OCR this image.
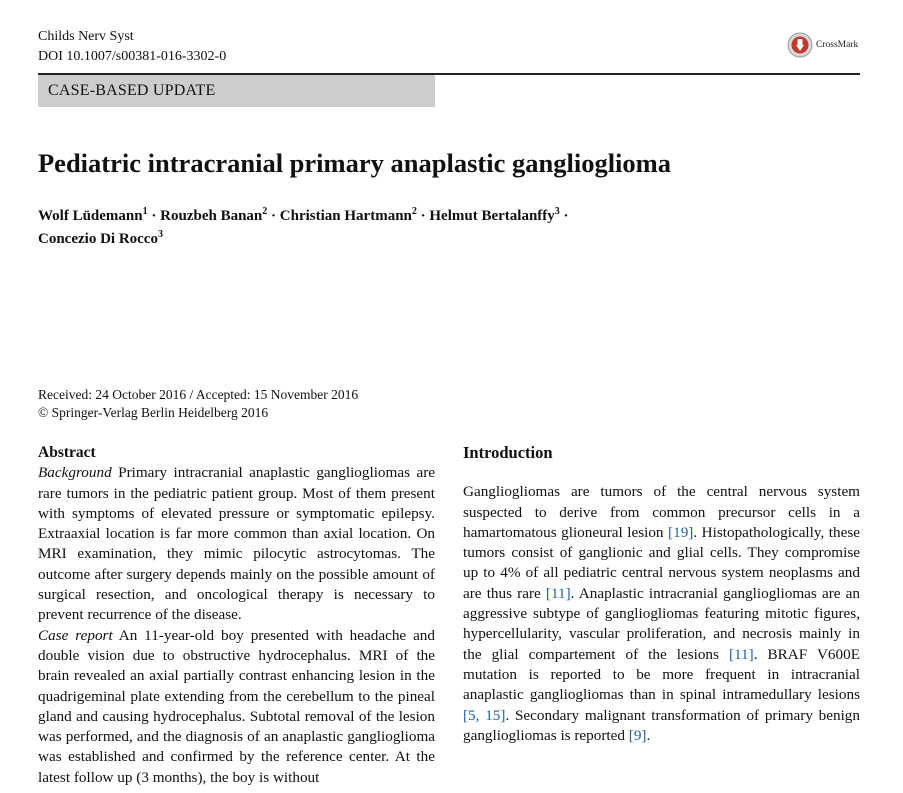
Childs Nerv Syst
DOI 10.1007/s00381-016-3302-0
CrossMark
CASE-BASED UPDATE
Pediatric intracranial primary anaplastic ganglioglioma
Wolf Lüdemann$^1$ · Rouzbeh Banan$^2$ · Christian Hartmann$^2$ · Helmut Bertalanffy$^3$ ·
Concezio Di Rocco$^3$
Received: 24 October 2016 / Accepted: 15 November 2016
© Springer-Verlag Berlin Heidelberg 2016
Abstract

Background Primary intracranial anaplastic gangliogliomas are rare tumors in the pediatric patient group. Most of them present with symptoms of elevated pressure or symptomatic epilepsy. Extraaxial location is far more common than axial location. On MRI examination, they mimic pilocytic astrocytomas. The outcome after surgery depends mainly on the possible amount of surgical resection, and oncological therapy is necessary to prevent recurrence of the disease.

Case report An 11-year-old boy presented with headache and double vision due to obstructive hydrocephalus. MRI of the brain revealed an axial partially contrast enhancing lesion in the quadrigeminal plate extending from the cerebellum to the pineal gland and causing hydrocephalus. Subtotal removal of the lesion was performed, and the diagnosis of an anaplastic ganglioglioma was established and confirmed by the reference center. At the latest follow up (3 months), the boy is without

Introduction

Gangliogliomas are tumors of the central nervous system suspected to derive from common precursor cells in a hamartomatous glioneural lesion [19]. Histopathologically, these tumors consist of ganglionic and glial cells. They compromise up to 4% of all pediatric central nervous system neoplasms and are thus rare [11]. Anaplastic intracranial gangliogliomas are an aggressive subtype of gangliogliomas featuring mitotic figures, hypercellularity, vascular proliferation, and necrosis mainly in the glial compartement of the lesions [11]. BRAF V600E mutation is reported to be more frequent in intracranial anaplastic gangliogliomas than in spinal intramedullary lesions [5, 15]. Secondary malignant transformation of primary benign gangliogliomas is reported [9].
